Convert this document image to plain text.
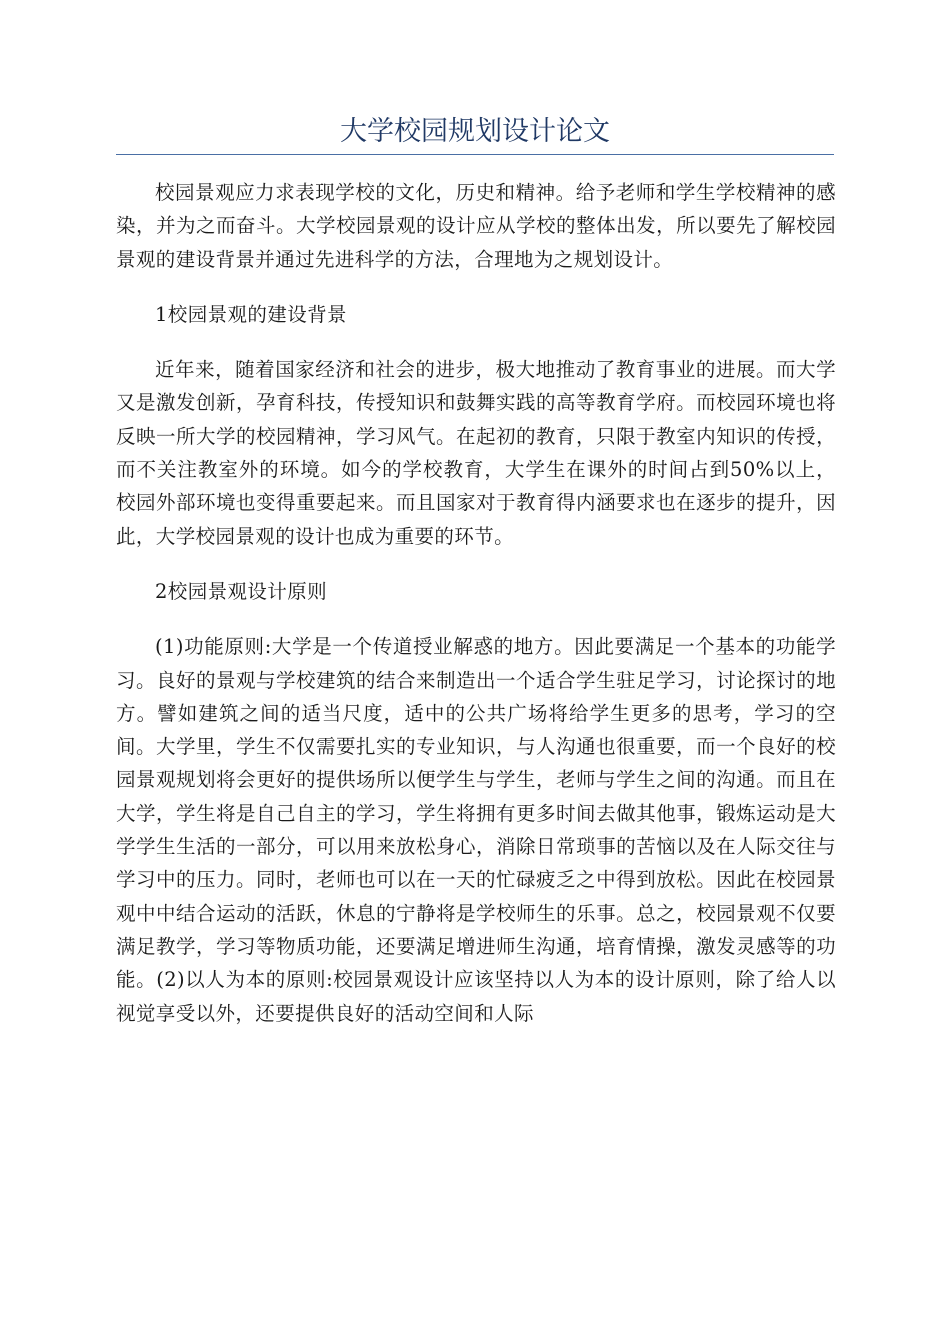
大学校园规划设计论文

校园景观应力求表现学校的文化，历史和精神。给予老师和学生学校精神的感染，并为之而奋斗。大学校园景观的设计应从学校的整体出发，所以要先了解校园景观的建设背景并通过先进科学的方法，合理地为之规划设计。

1校园景观的建设背景

近年来，随着国家经济和社会的进步，极大地推动了教育事业的进展。而大学又是激发创新，孕育科技，传授知识和鼓舞实践的高等教育学府。而校园环境也将反映一所大学的校园精神，学习风气。在起初的教育，只限于教室内知识的传授，而不关注教室外的环境。如今的学校教育，大学生在课外的时间占到50%以上，校园外部环境也变得重要起来。而且国家对于教育得内涵要求也在逐步的提升，因此，大学校园景观的设计也成为重要的环节。

2校园景观设计原则

(1)功能原则:大学是一个传道授业解惑的地方。因此要满足一个基本的功能学习。良好的景观与学校建筑的结合来制造出一个适合学生驻足学习，讨论探讨的地方。譬如建筑之间的适当尺度，适中的公共广场将给学生更多的思考，学习的空间。大学里，学生不仅需要扎实的专业知识，与人沟通也很重要，而一个良好的校园景观规划将会更好的提供场所以便学生与学生，老师与学生之间的沟通。而且在大学，学生将是自己自主的学习，学生将拥有更多时间去做其他事，锻炼运动是大学学生生活的一部分，可以用来放松身心，消除日常琐事的苦恼以及在人际交往与学习中的压力。同时，老师也可以在一天的忙碌疲乏之中得到放松。因此在校园景观中中结合运动的活跃，休息的宁静将是学校师生的乐事。总之，校园景观不仅要满足教学，学习等物质功能，还要满足增进师生沟通，培育情操，激发灵感等的功能。(2)以人为本的原则:校园景观设计应该坚持以人为本的设计原则，除了给人以视觉享受以外，还要提供良好的活动空间和人际
